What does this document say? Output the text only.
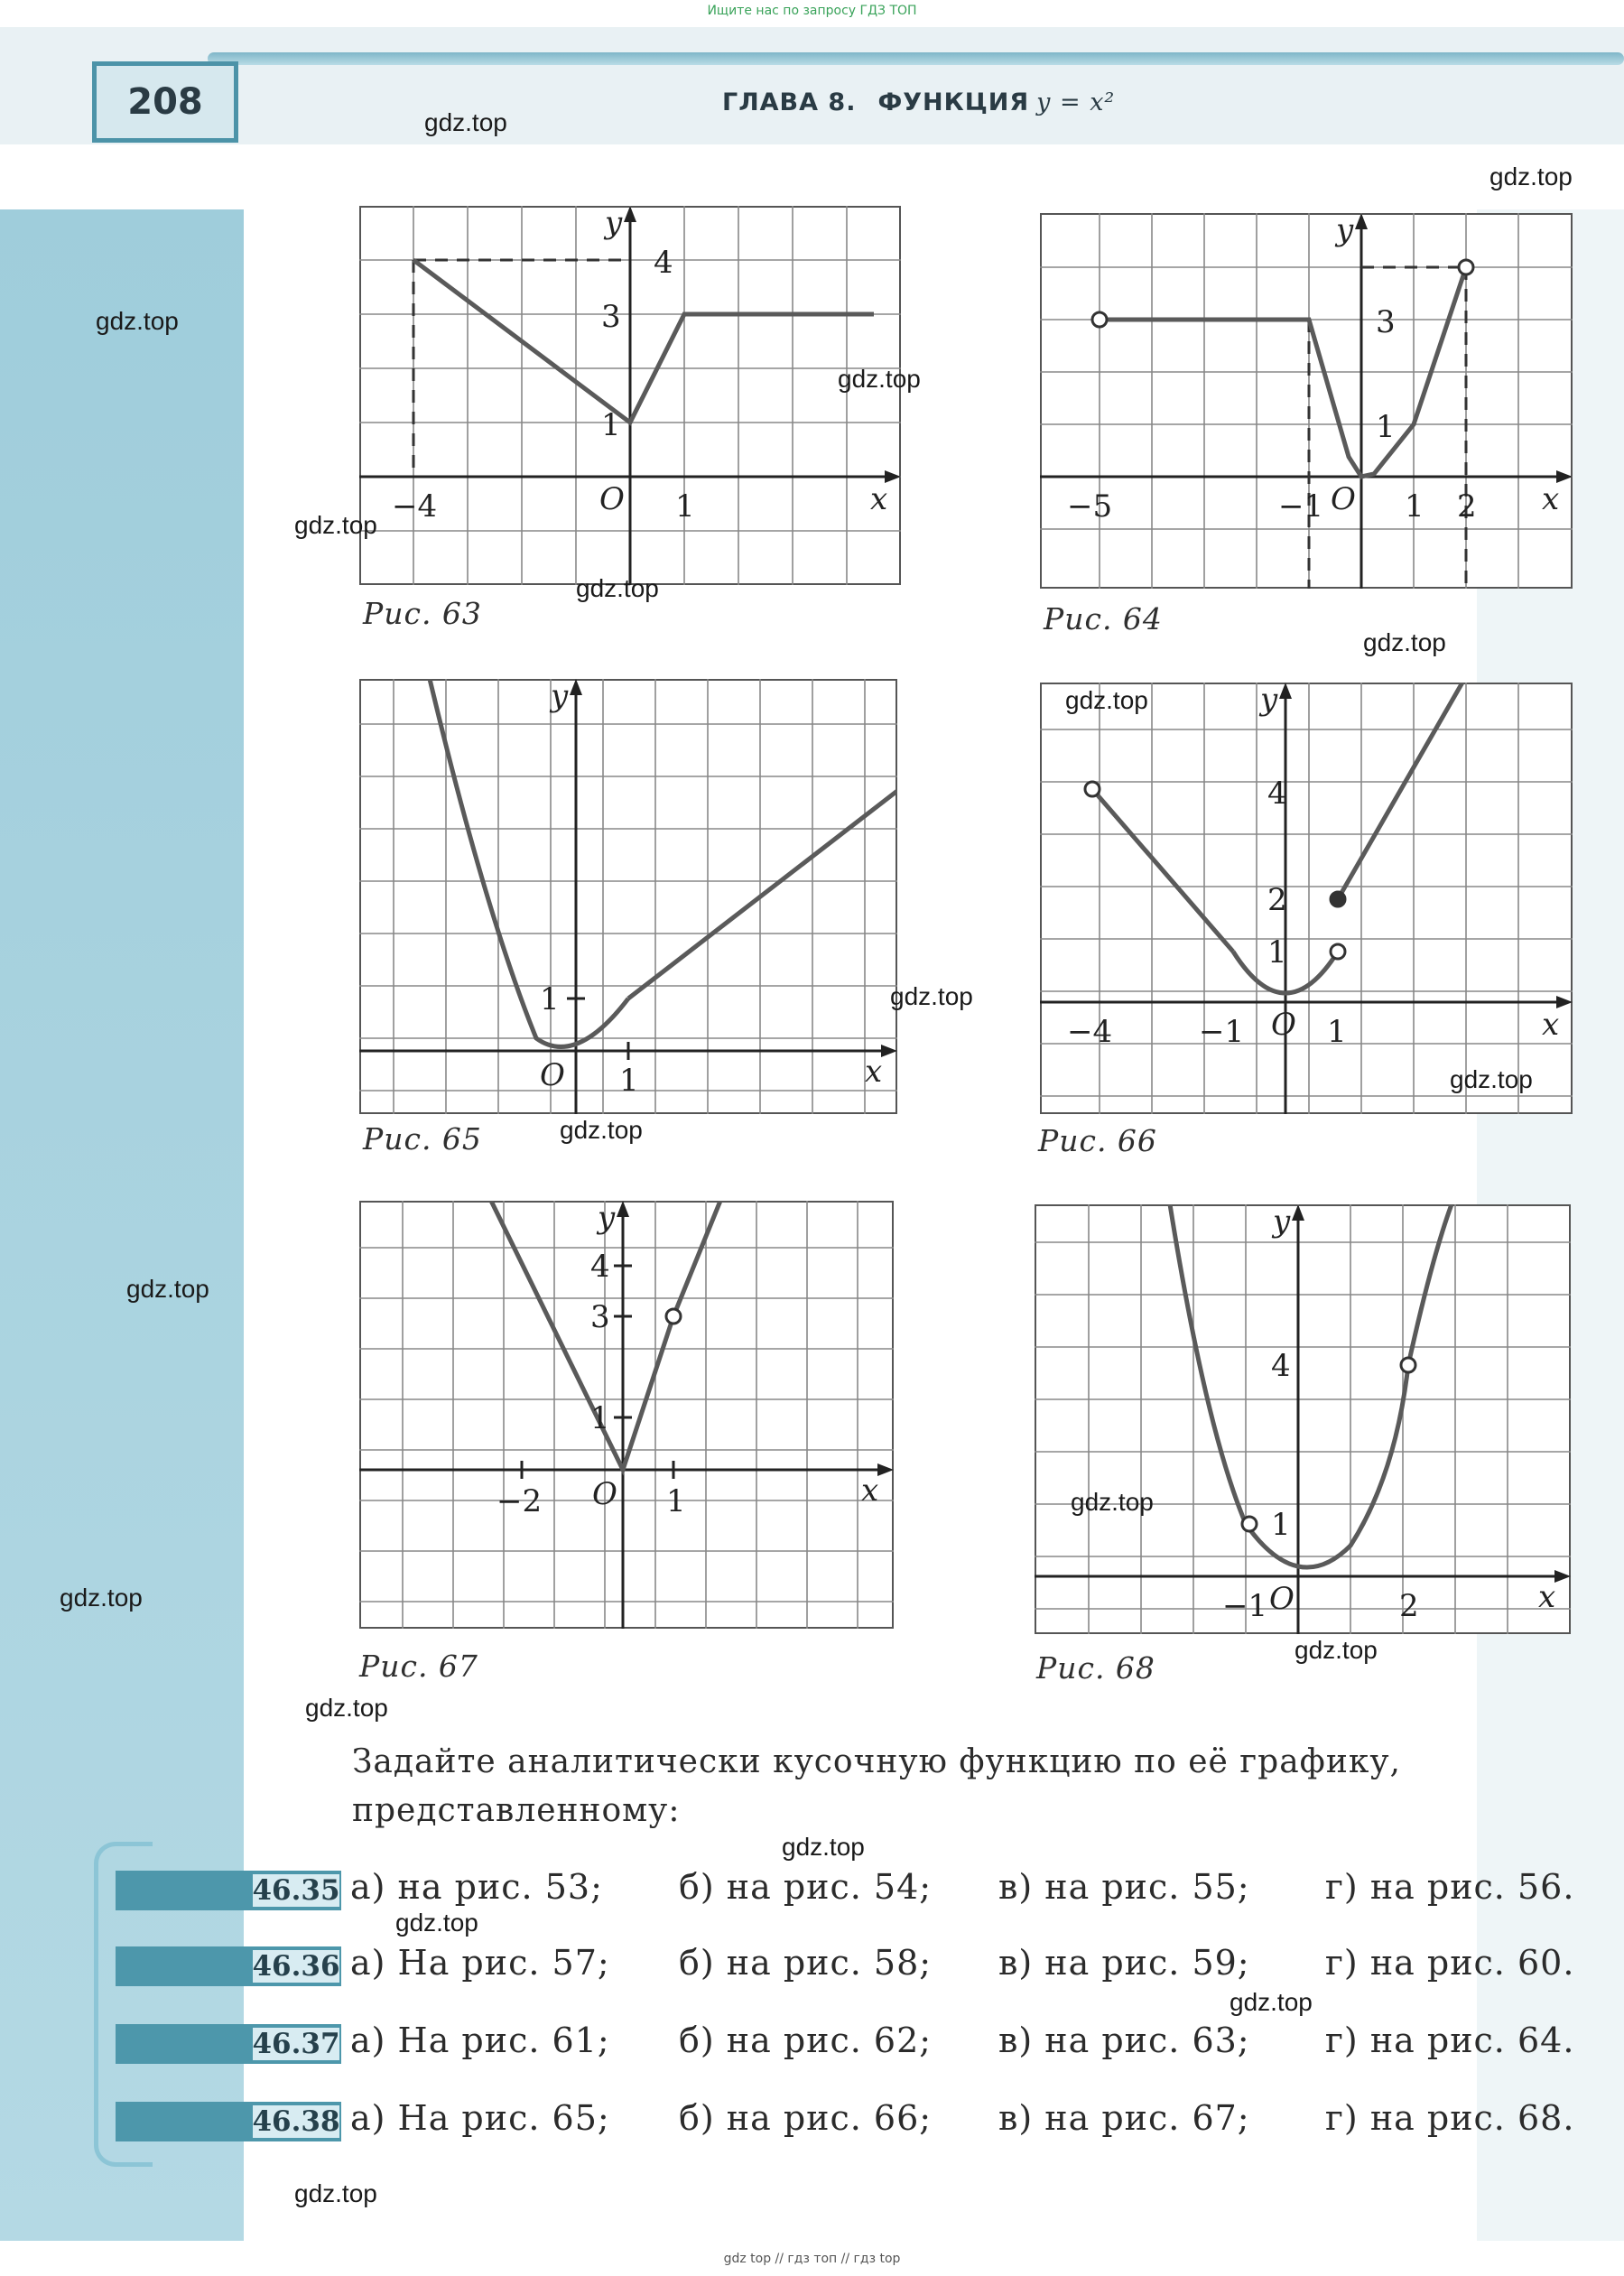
Ищите нас по запросу ГДЗ ТОП
208	ГЛАВА 8. ФУНКЦИЯ y = x²
−4	1
1
3
4
O	x
y
Рис. 63
−5	−1	1 2
1
3
O	x
y
Рис. 64
1
1
O	x
y
Рис. 65
−4	−1	1
1
2
4
O	x
y
Рис. 66
−2	1
1
3
4
O	x
y
Рис. 67
−1	2
1
4
O	x
y
Рис. 68
gdz.top
gdz.top
gdz.top
gdz.top
gdz.top
gdz.top
gdz.top
gdz.top
gdz.top
gdz.top
gdz.top
gdz.top
gdz.top
gdz.top
gdz.top
gdz.top
gdz.top
gdz.top
gdz.top
gdz.top
Задайте аналитически кусочную функцию по её графику, представленному:
46.35 а) на рис. 53; б) на рис. 54; в) на рис. 55; г) на рис. 56.
46.36 а) На рис. 57; б) на рис. 58; в) на рис. 59; г) на рис. 60.
46.37 а) На рис. 61; б) на рис. 62; в) на рис. 63; г) на рис. 64.
46.38 а) На рис. 65; б) на рис. 66; в) на рис. 67; г) на рис. 68.
gdz top // гдз топ // гдз top
